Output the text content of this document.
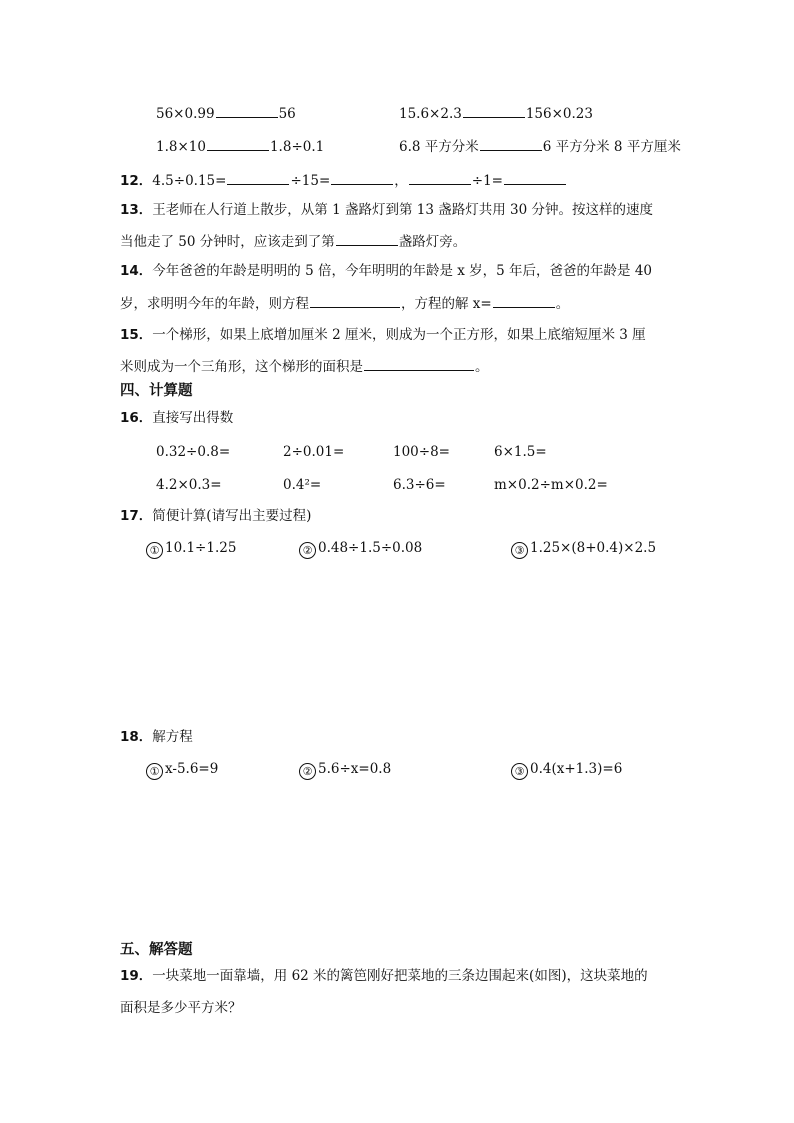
56×0.99	56	15.6×2.3	156×0.23
1.8×10	1.8÷0.1	6.8 平方分米	6 平方分米 8 平方厘米
12．4.5÷0.15=	÷15=	，	÷1=
13．王老师在人行道上散步，从第 1 盏路灯到第 13 盏路灯共用 30 分钟。按这样的速度
当他走了 50 分钟时，应该走到了第	盏路灯旁。
14．今年爸爸的年龄是明明的 5 倍，今年明明的年龄是 x 岁，5 年后，爸爸的年龄是 40
岁，求明明今年的年龄，则方程	，方程的解 x=	。
15．一个梯形，如果上底增加厘米 2 厘米，则成为一个正方形，如果上底缩短厘米 3 厘
米则成为一个三角形，这个梯形的面积是	。
四、计算题
16．直接写出得数
0.32÷0.8=	2÷0.01=	100÷8=	6×1.5=
4.2×0.3=	0.4²=	6.3÷6=	m×0.2÷m×0.2=
17．简便计算(请写出主要过程)
① 10.1÷1.25	② 0.48÷1.5÷0.08	③ 1.25×(8+0.4)×2.5
18．解方程
① x-5.6=9	② 5.6÷x=0.8	③ 0.4(x+1.3)=6
五、解答题
19．一块菜地一面靠墙，用 62 米的篱笆刚好把菜地的三条边围起来(如图)，这块菜地的
面积是多少平方米？
